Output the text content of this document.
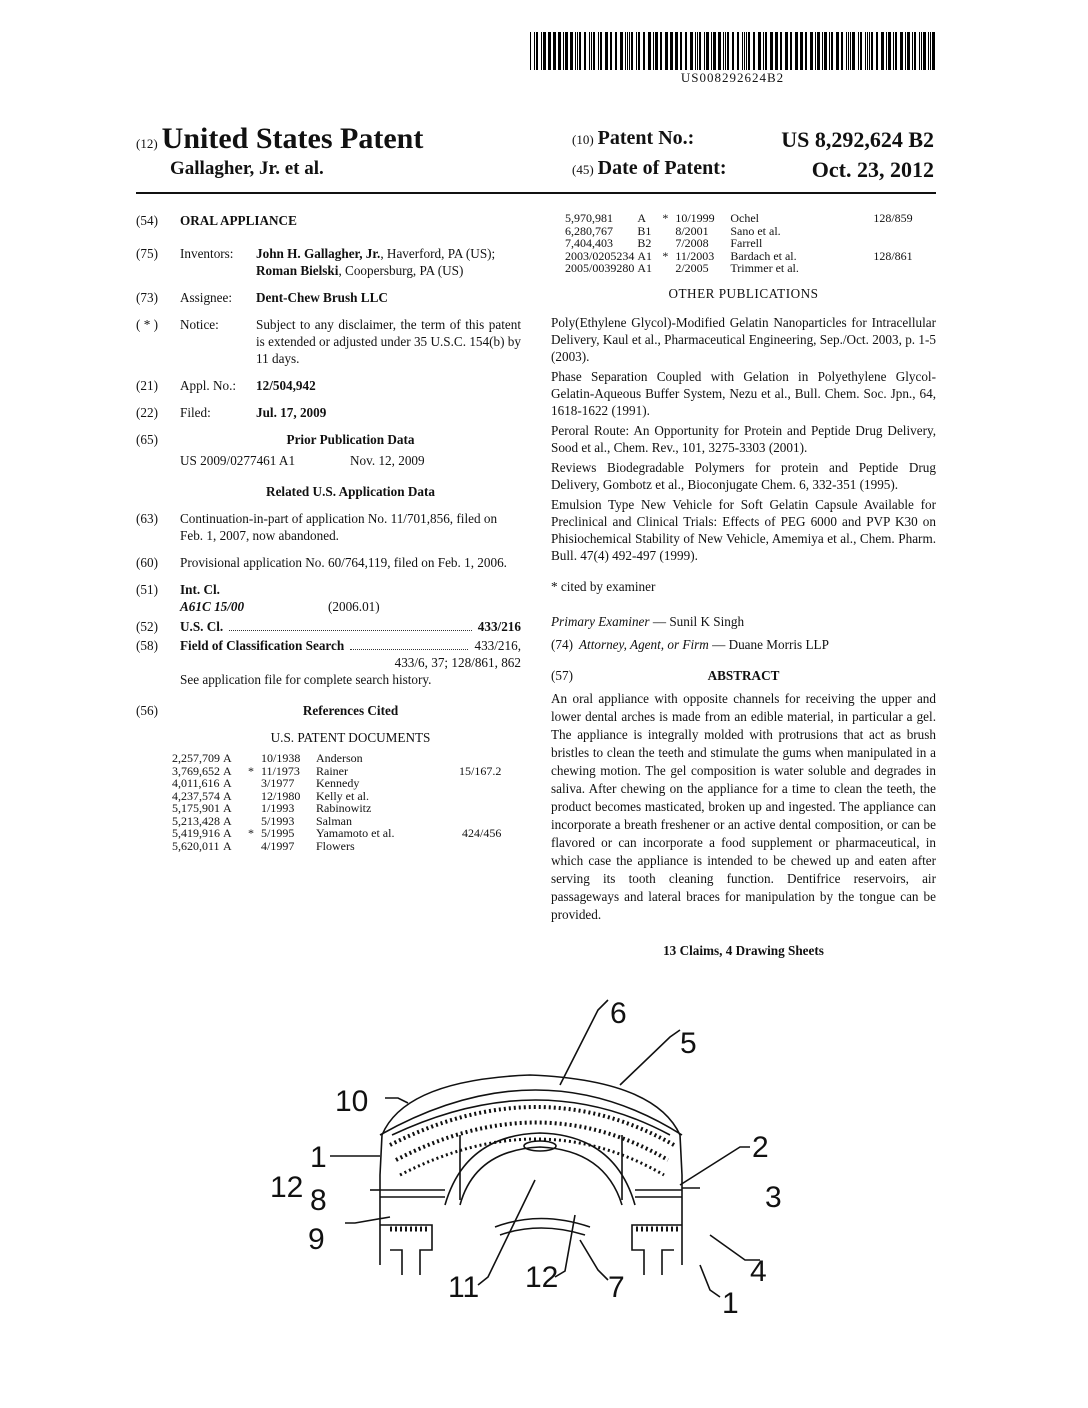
US008292624B2
(12) United States Patent
Gallagher, Jr. et al.
(10) Patent No.:	US 8,292,624 B2
(45) Date of Patent:	Oct. 23, 2012
(54)	ORAL APPLIANCE
(75)	Inventors:	John H. Gallagher, Jr., Haverford, PA (US); Roman Bielski, Coopersburg, PA (US)
(73)	Assignee:	Dent-Chew Brush LLC
( * )	Notice:	Subject to any disclaimer, the term of this patent is extended or adjusted under 35 U.S.C. 154(b) by 11 days.
(21)	Appl. No.:	12/504,942
(22)	Filed:	Jul. 17, 2009
(65)	Prior Publication Data
US 2009/0277461 A1	Nov. 12, 2009
Related U.S. Application Data
(63)	Continuation-in-part of application No. 11/701,856, filed on Feb. 1, 2007, now abandoned.
(60)	Provisional application No. 60/764,119, filed on Feb. 1, 2006.
(51)	Int. Cl.
A61C 15/00	(2006.01)
(52)	U.S. Cl.	433/216
(58)	Field of Classification Search	433/216,
433/6, 37; 128/861, 862
See application file for complete search history.
(56)	References Cited
U.S. PATENT DOCUMENTS
2,257,709	A		10/1938	Anderson	
3,769,652	A	*	11/1973	Rainer	15/167.2
4,011,616	A		3/1977	Kennedy	
4,237,574	A		12/1980	Kelly et al.	
5,175,901	A		1/1993	Rabinowitz	
5,213,428	A		5/1993	Salman	
5,419,916	A	*	5/1995	Yamamoto et al.	424/456
5,620,011	A		4/1997	Flowers	
5,970,981	A	*	10/1999	Ochel	128/859
6,280,767	B1		8/2001	Sano et al.	
7,404,403	B2		7/2008	Farrell	
2003/0205234	A1	*	11/2003	Bardach et al.	128/861
2005/0039280	A1		2/2005	Trimmer et al.	
OTHER PUBLICATIONS
Poly(Ethylene Glycol)-Modified Gelatin Nanoparticles for Intracellular Delivery, Kaul et al., Pharmaceutical Engineering, Sep./Oct. 2003, p. 1-5 (2003).
Phase Separation Coupled with Gelation in Polyethylene Glycol-Gelatin-Aqueous Buffer System, Nezu et al., Bull. Chem. Soc. Jpn., 64, 1618-1622 (1991).
Peroral Route: An Opportunity for Protein and Peptide Drug Delivery, Sood et al., Chem. Rev., 101, 3275-3303 (2001).
Reviews Biodegradable Polymers for protein and Peptide Drug Delivery, Gombotz et al., Bioconjugate Chem. 6, 332-351 (1995).
Emulsion Type New Vehicle for Soft Gelatin Capsule Available for Preclinical and Clinical Trials: Effects of PEG 6000 and PVP K30 on Phisiochemical Stability of New Vehicle, Amemiya et al., Chem. Pharm. Bull. 47(4) 492-497 (1999).
* cited by examiner
Primary Examiner — Sunil K Singh
(74) Attorney, Agent, or Firm — Duane Morris LLP
(57)	ABSTRACT
An oral appliance with opposite channels for receiving the upper and lower dental arches is made from an edible material, in particular a gel. The appliance is integrally molded with protrusions that act as brush bristles to clean the teeth and stimulate the gums when manipulated in a chewing motion. The gel composition is water soluble and degrades in saliva. After chewing on the appliance for a time to clean the teeth, the product becomes masticated, broken up and ingested. The appliance can incorporate a breath freshener or an active dental composition, or can be flavored or can incorporate a food supplement or pharmaceutical, in which case the appliance is intended to be chewed up and eaten after serving its tooth cleaning function. Dentifrice reservoirs, air passageways and lateral braces for manipulation by the tongue can be provided.
13 Claims, 4 Drawing Sheets
6
5
10
1	2
12 8	3
9
4
11 12 7	1
